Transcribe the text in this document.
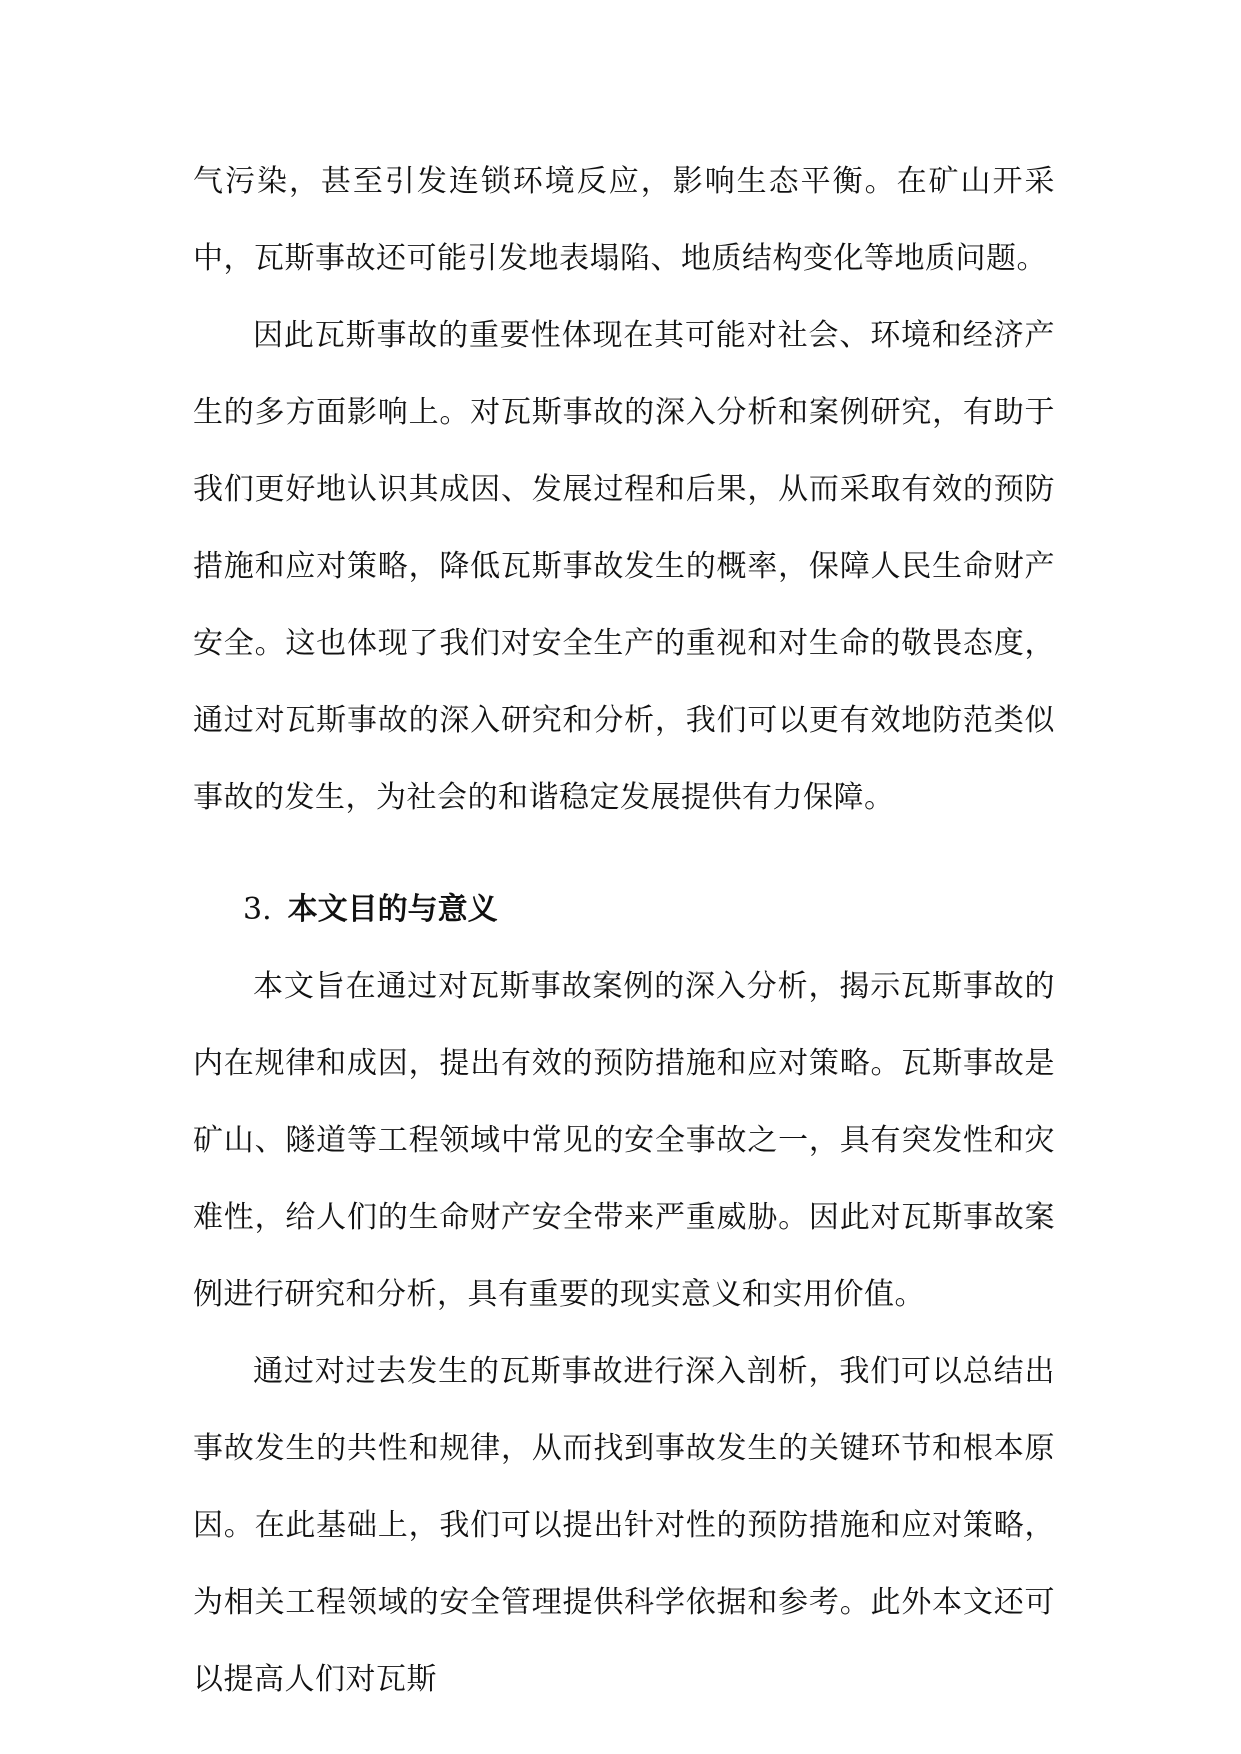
气污染，甚至引发连锁环境反应，影响生态平衡。在矿山开采中，瓦斯事故还可能引发地表塌陷、地质结构变化等地质问题。

因此瓦斯事故的重要性体现在其可能对社会、环境和经济产生的多方面影响上。对瓦斯事故的深入分析和案例研究，有助于我们更好地认识其成因、发展过程和后果，从而采取有效的预防措施和应对策略，降低瓦斯事故发生的概率，保障人民生命财产安全。这也体现了我们对安全生产的重视和对生命的敬畏态度，通过对瓦斯事故的深入研究和分析，我们可以更有效地防范类似事故的发生，为社会的和谐稳定发展提供有力保障。

3. 本文目的与意义

本文旨在通过对瓦斯事故案例的深入分析，揭示瓦斯事故的内在规律和成因，提出有效的预防措施和应对策略。瓦斯事故是矿山、隧道等工程领域中常见的安全事故之一，具有突发性和灾难性，给人们的生命财产安全带来严重威胁。因此对瓦斯事故案例进行研究和分析，具有重要的现实意义和实用价值。

通过对过去发生的瓦斯事故进行深入剖析，我们可以总结出事故发生的共性和规律，从而找到事故发生的关键环节和根本原因。在此基础上，我们可以提出针对性的预防措施和应对策略，为相关工程领域的安全管理提供科学依据和参考。此外本文还可以提高人们对瓦斯
